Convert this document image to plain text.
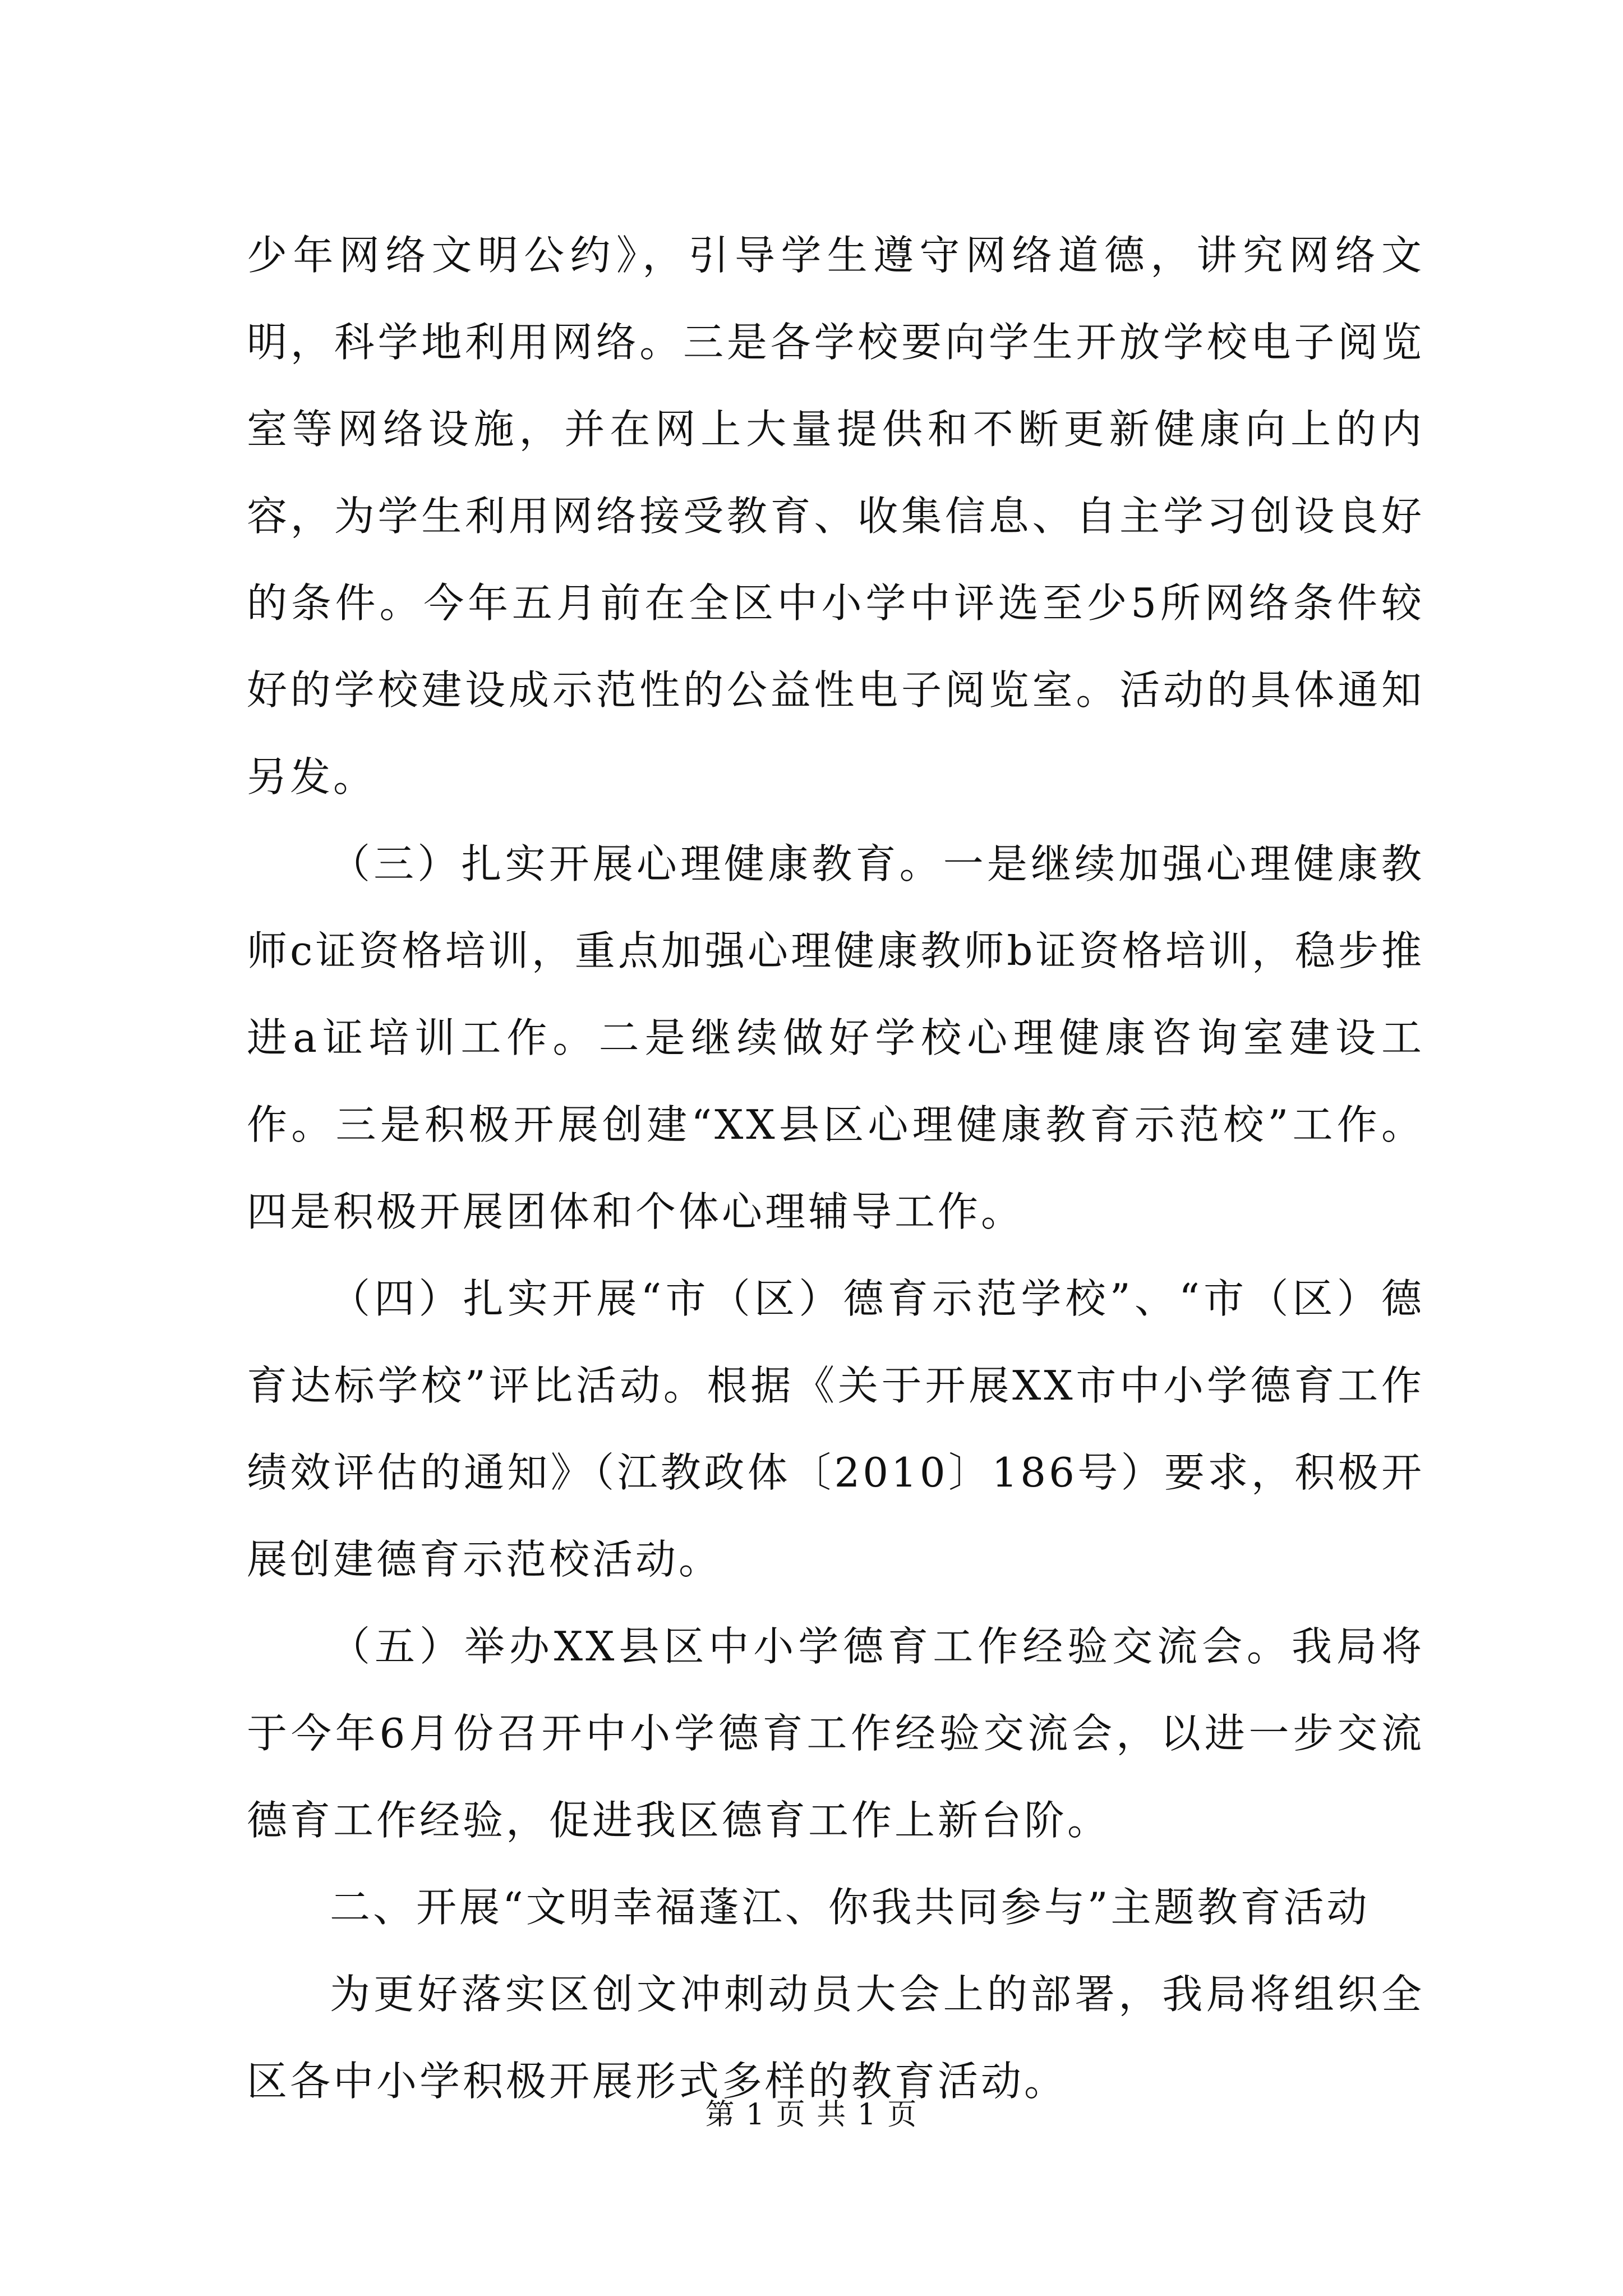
少年网络文明公约》，引导学生遵守网络道德，讲究网络文明，科学地利用网络。三是各学校要向学生开放学校电子阅览室等网络设施，并在网上大量提供和不断更新健康向上的内容，为学生利用网络接受教育、收集信息、自主学习创设良好的条件。今年五月前在全区中小学中评选至少5所网络条件较好的学校建设成示范性的公益性电子阅览室。活动的具体通知另发。

（三）扎实开展心理健康教育。一是继续加强心理健康教师c证资格培训，重点加强心理健康教师b证资格培训，稳步推进a证培训工作。二是继续做好学校心理健康咨询室建设工作。三是积极开展创建“XX县区心理健康教育示范校”工作。四是积极开展团体和个体心理辅导工作。

（四）扎实开展“市（区）德育示范学校”、“市（区）德育达标学校”评比活动。根据《关于开展XX市中小学德育工作绩效评估的通知》（江教政体〔2010〕186号）要求，积极开展创建德育示范校活动。

（五）举办XX县区中小学德育工作经验交流会。我局将于今年6月份召开中小学德育工作经验交流会，以进一步交流德育工作经验，促进我区德育工作上新台阶。

二、开展“文明幸福蓬江、你我共同参与”主题教育活动

为更好落实区创文冲刺动员大会上的部署，我局将组织全区各中小学积极开展形式多样的教育活动。

第 1 页 共 1 页
